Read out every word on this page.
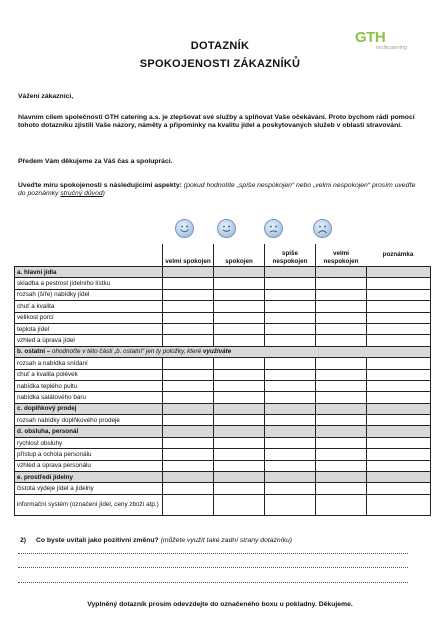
DOTAZNÍK
SPOKOJENOSTI ZÁKAZNÍKŮ
GTH
multicatering
Vážení zákazníci,
hlavním cílem společnosti GTH catering a.s. je zlepšovat své služby a splňovat Vaše očekávání. Proto bychom rádi pomocí tohoto dotazníku zjistili Vaše názory, náměty a připomínky na kvalitu jídel a poskytovaných služeb v oblasti stravování.
Předem Vám děkujeme za Váš čas a spolupráci.
Uveďte míru spokojenosti s následujícími aspekty: (pokud hodnotíte „spíše nespokojen“ nebo „velmi nespokojen“ prosím uveďte do poznámky stručný důvod)
	velmi spokojen	spokojen	spíše nespokojen	velmi nespokojen	poznámka
a. hlavní jídla					
skladba a pestrost jídelního lístku					
rozsah (šíře) nabídky jídel					
chuť a kvalita					
velikost porcí					
teplota jídel					
vzhled a úprava jídel					
b. ostatní – ohodnoťte v této části „b. ostatní“ jen ty položky, které využíváte					
rozsah a nabídka snídaní					
chuť a kvalita polévek					
nabídka teplého pultu					
nabídka salátového baru					
c. doplňkový prodej					
rozsah nabídky doplňkového prodeje					
d. obsluha, personál					
rychlost obsluhy					
přístup a ochota personálu					
vzhled a úprava personálu					
e. prostředí jídelny					
čistota výdeje jídel a jídelny					
informační systém (označení jídel, ceny zboží atp.)					
2) Co byste uvítali jako pozitivní změnu? (můžete využít také zadní strany dotazníku)
Vyplněný dotazník prosím odevzdejte do označeného boxu u pokladny. Děkujeme.
